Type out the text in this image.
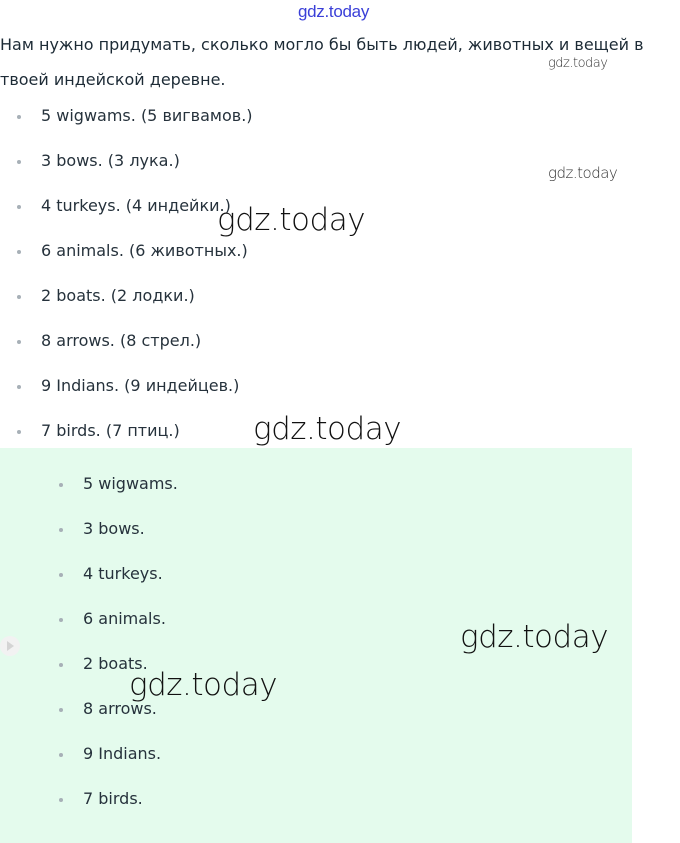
gdz.today

Нам нужно придумать, сколько могло бы быть людей, животных и вещей в твоей индейской деревне.

5 wigwams. (5 вигвамов.)
3 bows. (3 лука.)
4 turkeys. (4 индейки.)
6 animals. (6 животных.)
2 boats. (2 лодки.)
8 arrows. (8 стрел.)
9 Indians. (9 индейцев.)
7 birds. (7 птиц.)
5 wigwams.
3 bows.
4 turkeys.
6 animals.
2 boats.
8 arrows.
9 Indians.
7 birds.
gdz.today
gdz.today
gdz.today
gdz.today
gdz.today
gdz.today
